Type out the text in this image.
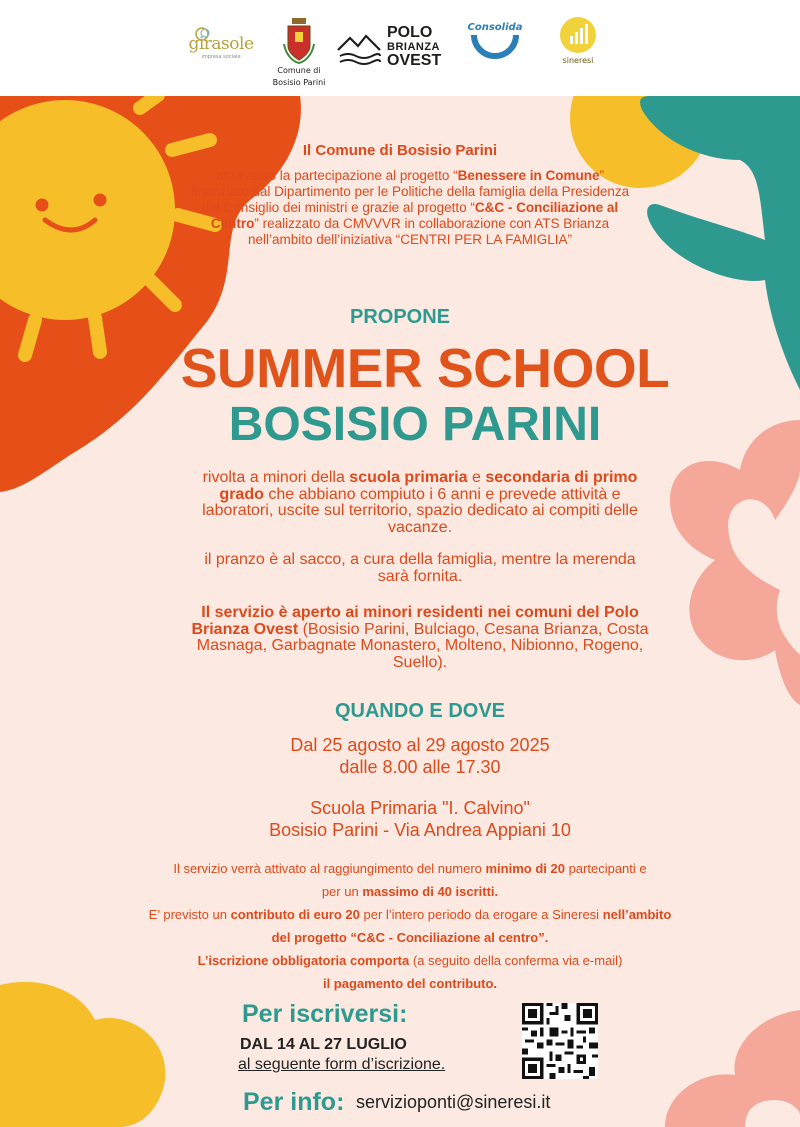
girasole
impresa sociale
Comune di
Bosisio Parini
POLO
BRIANZA
OVEST
Consolida
sineresi
Il Comune di Bosisio Parini
attraverso la partecipazione al progetto “Benessere in Comune” finanziato dal Dipartimento per le Politiche della famiglia della Presidenza del Consiglio dei ministri e grazie al progetto “C&C - Conciliazione al Centro” realizzato da CMVVVR in collaborazione con ATS Brianza nell’ambito dell’iniziativa “CENTRI PER LA FAMIGLIA”
PROPONE
SUMMER SCHOOL
BOSISIO PARINI
rivolta a minori della scuola primaria e secondaria di primo grado che abbiano compiuto i 6 anni e prevede attività e laboratori, uscite sul territorio, spazio dedicato ai compiti delle vacanze.
il pranzo è al sacco, a cura della famiglia, mentre la merenda sarà fornita.
Il servizio è aperto ai minori residenti nei comuni del Polo Brianza Ovest (Bosisio Parini, Bulciago, Cesana Brianza, Costa Masnaga, Garbagnate Monastero, Molteno, Nibionno, Rogeno, Suello).
QUANDO E DOVE
Dal 25 agosto al 29 agosto 2025
dalle 8.00 alle 17.30
Scuola Primaria "I. Calvino"
Bosisio Parini - Via Andrea Appiani 10
Il servizio verrà attivato al raggiungimento del numero minimo di 20 partecipanti e
per un massimo di 40 iscritti.
E’ previsto un contributo di euro 20 per l’intero periodo da erogare a Sineresi nell’ambito
del progetto “C&C - Conciliazione al centro”.
L’iscrizione obbligatoria comporta (a seguito della conferma via e-mail)
il pagamento del contributo.
Per iscriversi:
DAL 14 AL 27 LUGLIO
al seguente form d’iscrizione.
Per info: servizioponti@sineresi.it
